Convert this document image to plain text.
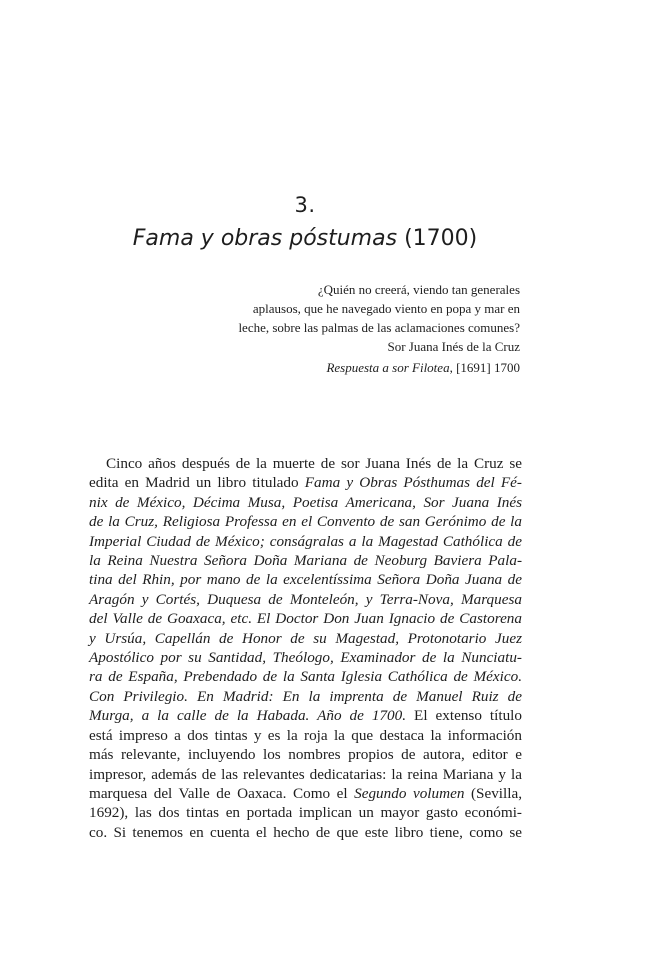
3.
Fama y obras póstumas (1700)
¿Quién no creerá, viendo tan generales
aplausos, que he navegado viento en popa y mar en
leche, sobre las palmas de las aclamaciones comunes?
Sor Juana Inés de la Cruz
Respuesta a sor Filotea, [1691] 1700
Cinco años después de la muerte de sor Juana Inés de la Cruz se
edita en Madrid un libro titulado Fama y Obras Pósthumas del Fé-
nix de México, Décima Musa, Poetisa Americana, Sor Juana Inés
de la Cruz, Religiosa Professa en el Convento de san Gerónimo de la
Imperial Ciudad de México; conságralas a la Magestad Cathólica de
la Reina Nuestra Señora Doña Mariana de Neoburg Baviera Pala-
tina del Rhin, por mano de la excelentíssima Señora Doña Juana de
Aragón y Cortés, Duquesa de Monteleón, y Terra-Nova, Marquesa
del Valle de Goaxaca, etc. El Doctor Don Juan Ignacio de Castorena
y Ursúa, Capellán de Honor de su Magestad, Protonotario Juez
Apostólico por su Santidad, Theólogo, Examinador de la Nunciatu-
ra de España, Prebendado de la Santa Iglesia Cathólica de México.
Con Privilegio. En Madrid: En la imprenta de Manuel Ruiz de
Murga, a la calle de la Habada. Año de 1700. El extenso título
está impreso a dos tintas y es la roja la que destaca la información
más relevante, incluyendo los nombres propios de autora, editor e
impresor, además de las relevantes dedicatarias: la reina Mariana y la
marquesa del Valle de Oaxaca. Como el Segundo volumen (Sevilla,
1692), las dos tintas en portada implican un mayor gasto económi-
co. Si tenemos en cuenta el hecho de que este libro tiene, como se
